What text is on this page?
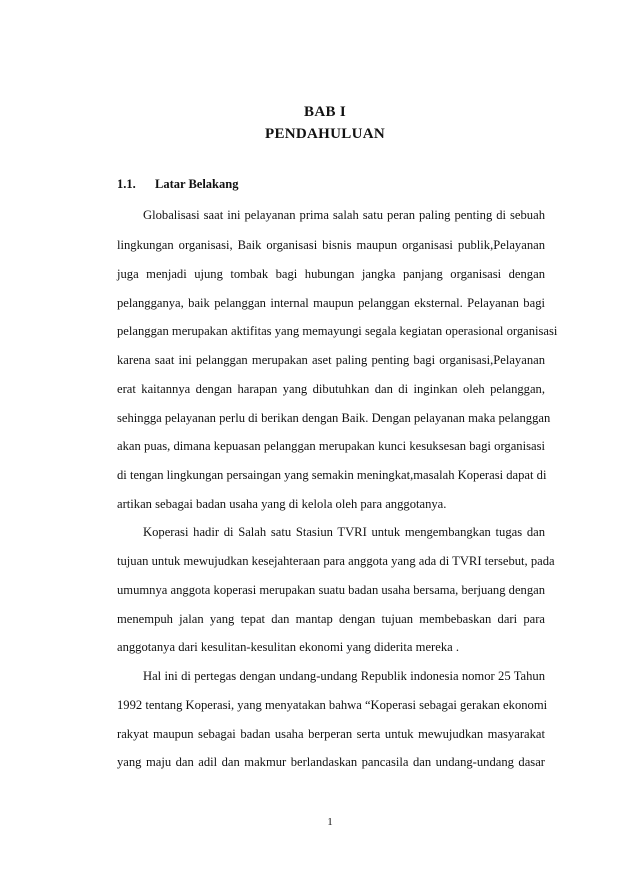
BAB I
PENDAHULUAN
1.1. Latar Belakang
Globalisasi saat ini pelayanan prima salah satu peran paling penting di sebuah
lingkungan organisasi, Baik organisasi bisnis maupun organisasi publik,Pelayanan
juga menjadi ujung tombak bagi hubungan jangka panjang organisasi dengan
pelangganya, baik pelanggan internal maupun pelanggan eksternal. Pelayanan bagi
pelanggan merupakan aktifitas yang memayungi segala kegiatan operasional organisasi
karena saat ini pelanggan merupakan aset paling penting bagi organisasi,Pelayanan
erat kaitannya dengan harapan yang dibutuhkan dan di inginkan oleh pelanggan,
sehingga pelayanan perlu di berikan dengan Baik. Dengan pelayanan maka pelanggan
akan puas, dimana kepuasan pelanggan merupakan kunci kesuksesan bagi organisasi
di tengan lingkungan persaingan yang semakin meningkat,masalah Koperasi dapat di
artikan sebagai badan usaha yang di kelola oleh para anggotanya.
Koperasi hadir di Salah satu Stasiun TVRI untuk mengembangkan tugas dan
tujuan untuk mewujudkan kesejahteraan para anggota yang ada di TVRI tersebut, pada
umumnya anggota koperasi merupakan suatu badan usaha bersama, berjuang dengan
menempuh jalan yang tepat dan mantap dengan tujuan membebaskan dari para
anggotanya dari kesulitan-kesulitan ekonomi yang diderita mereka .
Hal ini di pertegas dengan undang-undang Republik indonesia nomor 25 Tahun
1992 tentang Koperasi, yang menyatakan bahwa “Koperasi sebagai gerakan ekonomi
rakyat maupun sebagai badan usaha berperan serta untuk mewujudkan masyarakat
yang maju dan adil dan makmur berlandaskan pancasila dan undang-undang dasar
1
